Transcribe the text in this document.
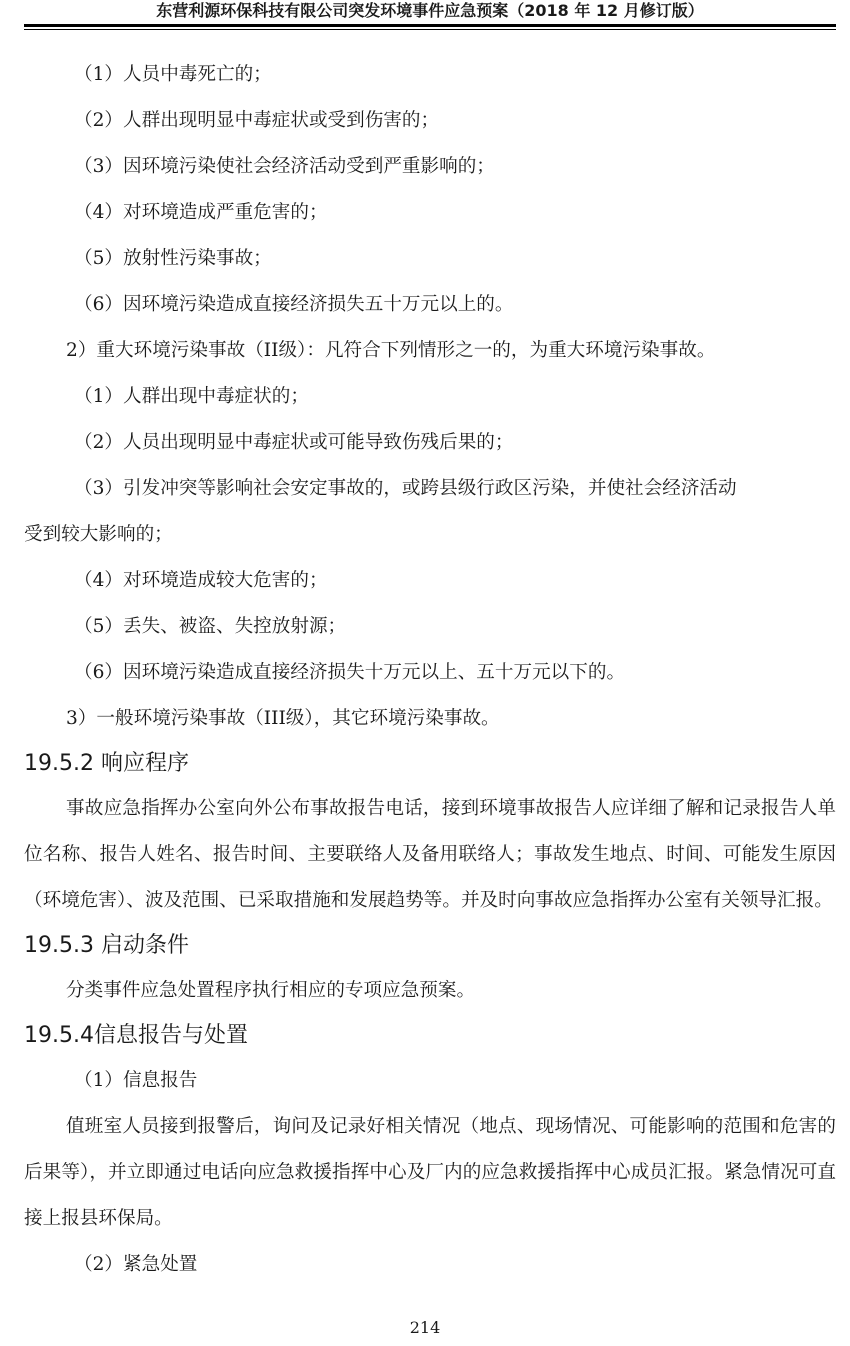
东营利源环保科技有限公司突发环境事件应急预案（2018 年 12 月修订版）

（1）人员中毒死亡的；

（2）人群出现明显中毒症状或受到伤害的；

（3）因环境污染使社会经济活动受到严重影响的；

（4）对环境造成严重危害的；

（5）放射性污染事故；

（6）因环境污染造成直接经济损失五十万元以上的。

2）重大环境污染事故（II级）：凡符合下列情形之一的，为重大环境污染事故。

（1）人群出现中毒症状的；

（2）人员出现明显中毒症状或可能导致伤残后果的；

（3）引发冲突等影响社会安定事故的，或跨县级行政区污染，并使社会经济活动

受到较大影响的；

（4）对环境造成较大危害的；

（5）丢失、被盗、失控放射源；

（6）因环境污染造成直接经济损失十万元以上、五十万元以下的。

3）一般环境污染事故（III级），其它环境污染事故。

19.5.2 响应程序

事故应急指挥办公室向外公布事故报告电话，接到环境事故报告人应详细了解和记录报告人单位名称、报告人姓名、报告时间、主要联络人及备用联络人；事故发生地点、时间、可能发生原因（环境危害）、波及范围、已采取措施和发展趋势等。并及时向事故应急指挥办公室有关领导汇报。

19.5.3 启动条件

分类事件应急处置程序执行相应的专项应急预案。

19.5.4信息报告与处置

（1）信息报告

值班室人员接到报警后，询问及记录好相关情况（地点、现场情况、可能影响的范围和危害的后果等），并立即通过电话向应急救援指挥中心及厂内的应急救援指挥中心成员汇报。紧急情况可直接上报县环保局。

（2）紧急处置

214
